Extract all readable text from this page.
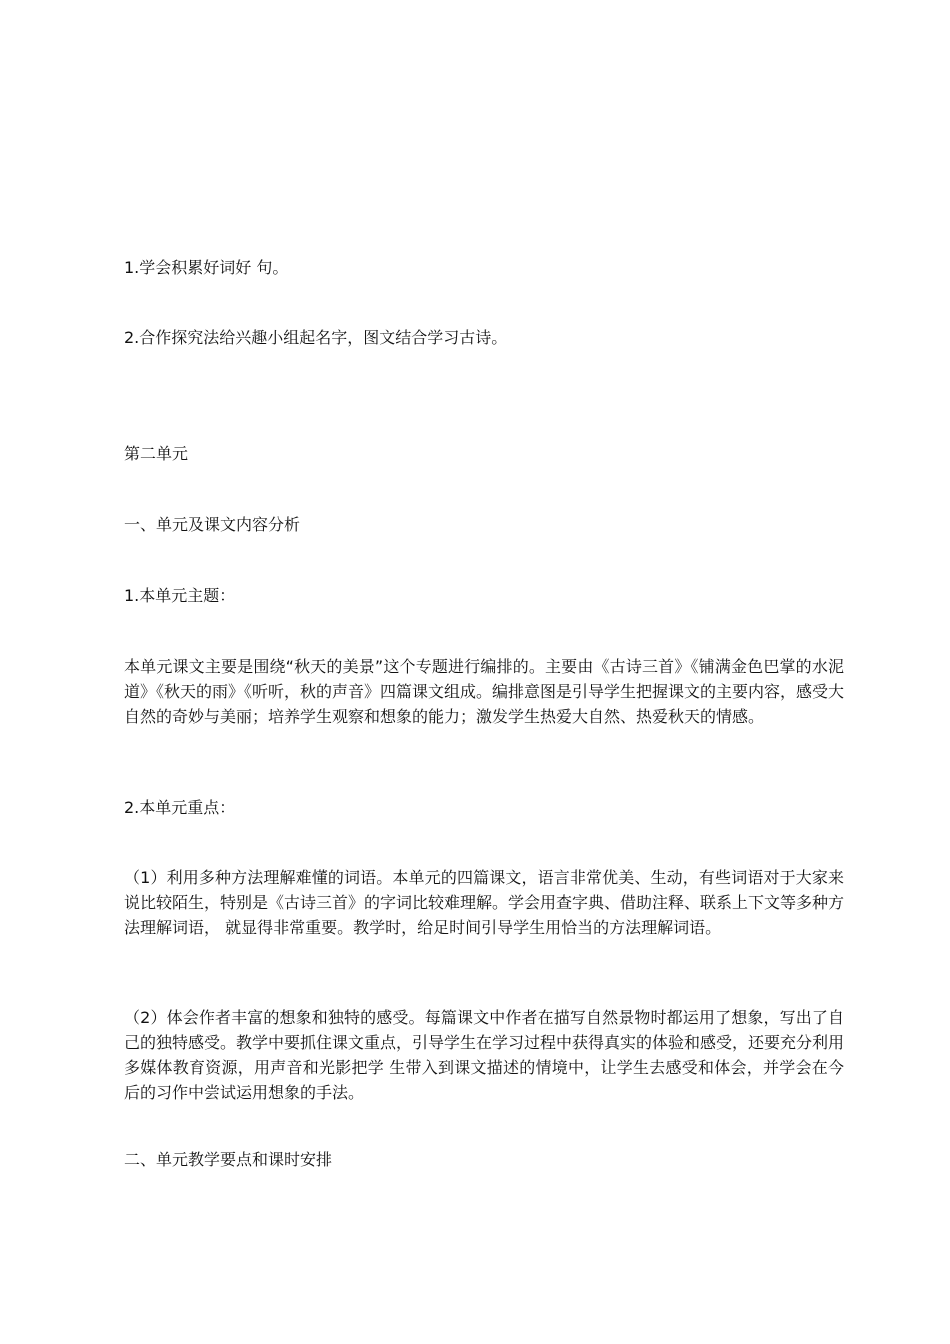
1.学会积累好词好 句。

2.合作探究法给兴趣小组起名字，图文结合学习古诗。

第二单元

一、单元及课文内容分析

1.本单元主题：

本单元课文主要是围绕“秋天的美景”这个专题进行编排的。主要由《古诗三首》《铺满金色巴掌的水泥道》《秋天的雨》《听听，秋的声音》四篇课文组成。编排意图是引导学生把握课文的主要内容，感受大自然的奇妙与美丽；培养学生观察和想象的能力；激发学生热爱大自然、热爱秋天的情感。

2.本单元重点：

（1）利用多种方法理解难懂的词语。本单元的四篇课文，语言非常优美、生动，有些词语对于大家来说比较陌生，特别是《古诗三首》的字词比较难理解。学会用查字典、借助注释、联系上下文等多种方法理解词语， 就显得非常重要。教学时，给足时间引导学生用恰当的方法理解词语。

（2）体会作者丰富的想象和独特的感受。每篇课文中作者在描写自然景物时都运用了想象，写出了自己的独特感受。教学中要抓住课文重点，引导学生在学习过程中获得真实的体验和感受，还要充分利用多媒体教育资源，用声音和光影把学 生带入到课文描述的情境中，让学生去感受和体会，并学会在今后的习作中尝试运用想象的手法。

二、单元教学要点和课时安排
